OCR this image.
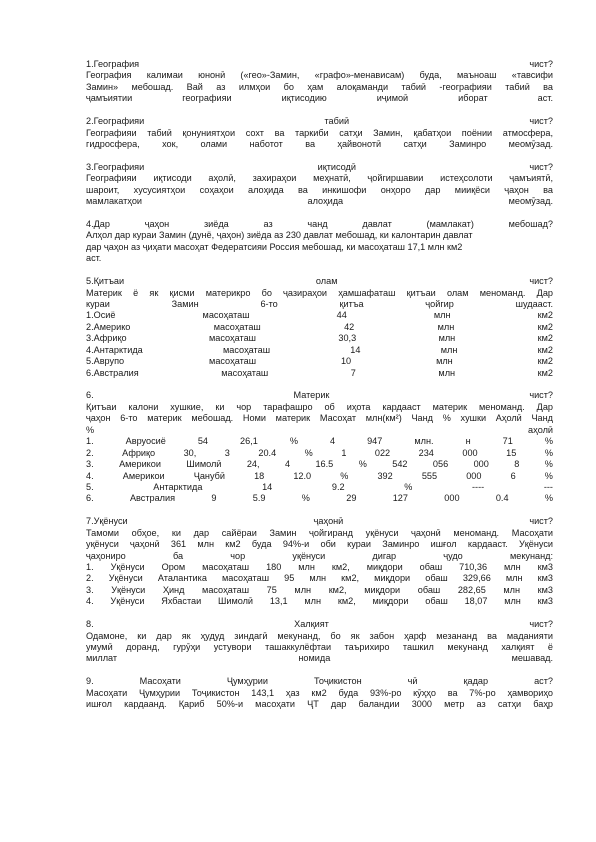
1.География чист?
География калимаи юнонӣ («гео»-Замин, «графо»-менависам) буда, маъноаш «тавсифи
Замин» мебошад. Вай аз илмҳои бо ҳам алоқаманди табиӣ -географияи табиӣ ва
ҷамъиятии географияи иқтисодию иҷимоӣ иборат аст.
2.Географияи табиӣ чист?
Географияи табиӣ қонуниятҳои сохт ва таркиби сатҳи Замин, қабатҳои поёнии атмосфера,
гидросфера, хок, олами наботот ва ҳайвонотӣ сатҳи Заминро меомӯзад.
3.Географияи иқтисодӣ чист?
Географияи иқтисоди аҳолӣ, захираҳои меҳнатӣ, ҷойгиршавии истеҳсолоти ҷамъиятӣ,
шароит, хусусиятҳои соҳаҳои алоҳида ва инкишофи онҳоро дар мииқёси ҷаҳон ва
мамлакатҳои алоҳида меомӯзад.
4.Дар ҷаҳон зиёда аз чанд давлат (мамлакат) мебошад?
Алҳол дар кураи Замин (дунё, ҷаҳон) зиёда аз 230 давлат мебошад, ки калонтарин давлат
дар ҷаҳон аз ҷиҳати масоҳат Федератсияи Россия мебошад, ки масоҳаташ 17,1 млн км2
аст.
5.Қитъаи олам чист?
Материк ё як қисми материкро бо ҷазираҳои ҳамшафаташ қитъаи олам меноманд. Дар
кураи Замин 6-то қитъа ҷойгир шудааст.
1.Осиё	масоҳаташ	44	млн	км2
2.Америко	масоҳаташ	42	млн	км2
3.Африқо	масоҳаташ	30,3	млн	км2
4.Антарктида	масоҳаташ	14	млн	км2
5.Аврупо	масоҳаташ	10	млн	км2
6.Австралия	масоҳаташ	7	млн	км2
6. Материк чист?
Қитъаи калони хушкие, ки чор тарафашро об иҳота кардааст материк меноманд. Дар
ҷаҳон 6-то материк мебошад. Номи материк Масоҳат млн(км²) Чанд % хушки Аҳолӣ Чанд
% аҳолӣ
1.	Авруосиё	54	26,1	%	4	947	млн.	н	71	%
2.	Африқо	30,	3	20.4	%	1	022	234	000	15	%
3.	Америкои	Шимолӣ	24,	4	16.5	%	542	056	000	8	%
4.	Америкои	Ҷанубӣ	18	12.0	%	392	555	000	6	%
5.	Антарктида	14	9.2	%	----	---
6.	Австралия	9	5.9	%	29	127	000	0.4	%
7.Уқёнуси ҷаҳонӣ чист?
Тамоми обҳое, ки дар сайёраи Замин ҷойгиранд уқёнуси ҷаҳонӣ меноманд. Масоҳати
уқёнуси ҷаҳонӣ 361 млн км2 буда 94%-и оби кураи Заминро ишғол кардааст. Уқёнуси
ҷаҳониро ба чор уқёнуси дигар ҷудо мекунанд:
1. Уқёнуси Ором масоҳаташ 180 млн км2, миқдори обаш 710,36 млн км3
2. Уқёнуси Аталантика масоҳаташ 95 млн км2, миқдори обаш 329,66 млн км3
3. Уқёнуси Ҳинд масоҳаташ 75 млн км2, миқдори обаш 282,65 млн км3
4. Уқёнуси Яхбастаи Шимолӣ 13,1 млн км2, миқдори обаш 18,07 млн км3
8. Халқият чист?
Одамоне, ки дар як ҳудуд зиндагӣ мекунанд, бо як забон ҳарф мезананд ва маданияти
умумӣ доранд, гурӯҳи устувори ташаккулёфтаи таърихиро ташкил мекунанд халқият ё
миллат номида мешавад.
9. Масоҳати Ҷумҳурии Тоҷикистон чӣ қадар аст?
Масоҳати Ҷумҳурии Тоҷикистон 143,1 ҳаз км2 буда 93%-ро кӯҳҳо ва 7%-ро ҳамвориҳо
ишғол кардаанд. Қариб 50%-и масоҳати ҶТ дар баландии 3000 метр аз сатҳи баҳр
